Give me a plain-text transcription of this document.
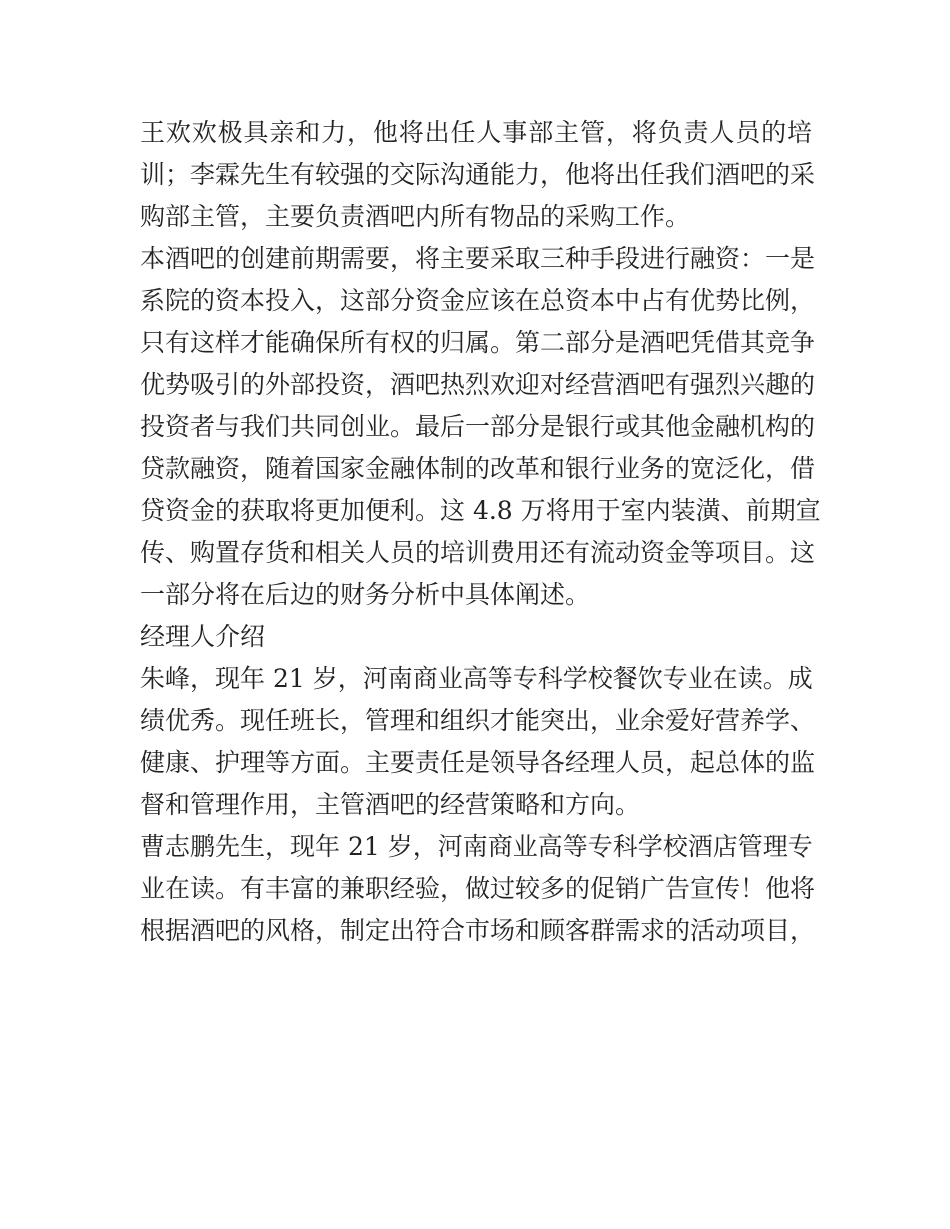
王欢欢极具亲和力，他将出任人事部主管，将负责人员的培
训；李霖先生有较强的交际沟通能力，他将出任我们酒吧的采
购部主管，主要负责酒吧内所有物品的采购工作。
本酒吧的创建前期需要，将主要采取三种手段进行融资：一是
系院的资本投入，这部分资金应该在总资本中占有优势比例，
只有这样才能确保所有权的归属。第二部分是酒吧凭借其竞争
优势吸引的外部投资，酒吧热烈欢迎对经营酒吧有强烈兴趣的
投资者与我们共同创业。最后一部分是银行或其他金融机构的
贷款融资，随着国家金融体制的改革和银行业务的宽泛化，借
贷资金的获取将更加便利。这 4.8 万将用于室内装潢、前期宣
传、购置存货和相关人员的培训费用还有流动资金等项目。这
一部分将在后边的财务分析中具体阐述。
经理人介绍
朱峰，现年 21 岁，河南商业高等专科学校餐饮专业在读。成
绩优秀。现任班长，管理和组织才能突出，业余爱好营养学、
健康、护理等方面。主要责任是领导各经理人员，起总体的监
督和管理作用，主管酒吧的经营策略和方向。
曹志鹏先生，现年 21 岁，河南商业高等专科学校酒店管理专
业在读。有丰富的兼职经验，做过较多的促销广告宣传！他将
根据酒吧的风格，制定出符合市场和顾客群需求的活动项目，
